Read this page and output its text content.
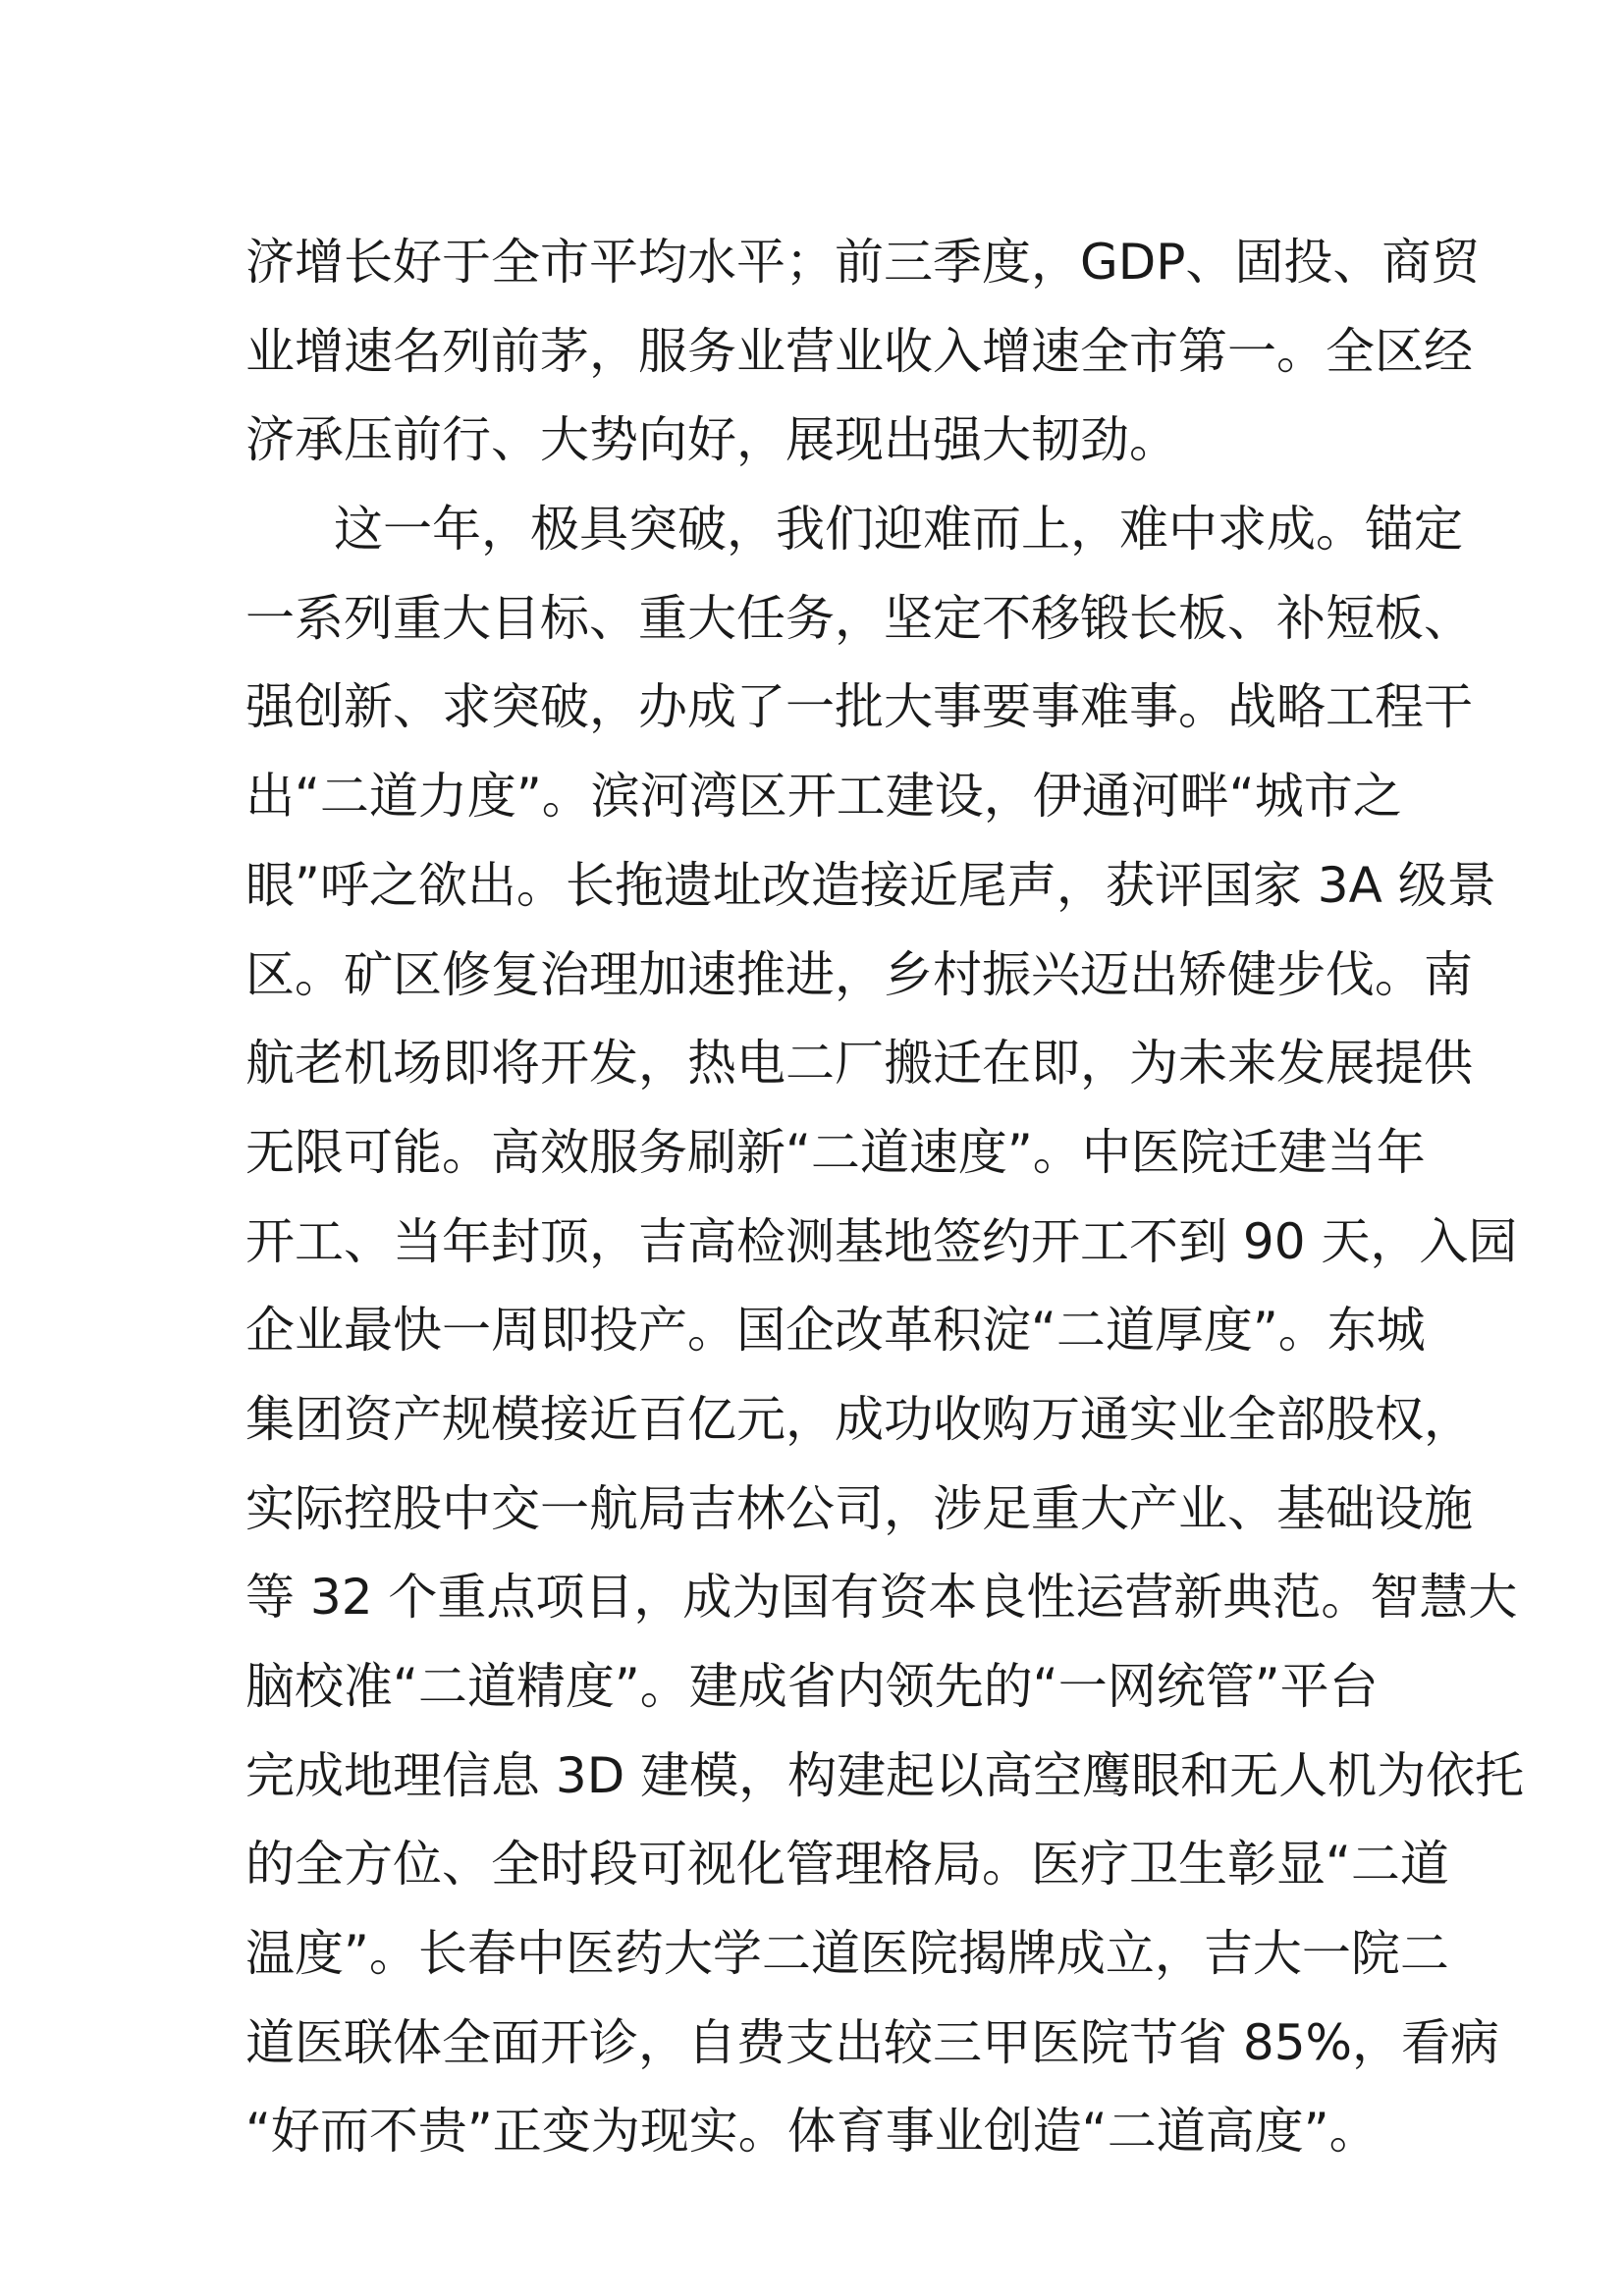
济增长好于全市平均水平；前三季度，GDP、固投、商贸
业增速名列前茅，服务业营业收入增速全市第一。全区经
济承压前行、大势向好，展现出强大韧劲。
这一年，极具突破，我们迎难而上，难中求成。锚定
一系列重大目标、重大任务，坚定不移锻长板、补短板、
强创新、求突破，办成了一批大事要事难事。战略工程干
出“二道力度”。滨河湾区开工建设，伊通河畔“城市之
眼”呼之欲出。长拖遗址改造接近尾声，获评国家 3A 级景
区。矿区修复治理加速推进，乡村振兴迈出矫健步伐。南
航老机场即将开发，热电二厂搬迁在即，为未来发展提供
无限可能。高效服务刷新“二道速度”。中医院迁建当年
开工、当年封顶，吉高检测基地签约开工不到 90 天，入园
企业最快一周即投产。国企改革积淀“二道厚度”。东城
集团资产规模接近百亿元，成功收购万通实业全部股权，
实际控股中交一航局吉林公司，涉足重大产业、基础设施
等 32 个重点项目，成为国有资本良性运营新典范。智慧大
脑校准“二道精度”。建成省内领先的“一网统管”平台
完成地理信息 3D 建模，构建起以高空鹰眼和无人机为依托
的全方位、全时段可视化管理格局。医疗卫生彰显“二道
温度”。长春中医药大学二道医院揭牌成立，吉大一院二
道医联体全面开诊，自费支出较三甲医院节省 85%，看病
“好而不贵”正变为现实。体育事业创造“二道高度”。
